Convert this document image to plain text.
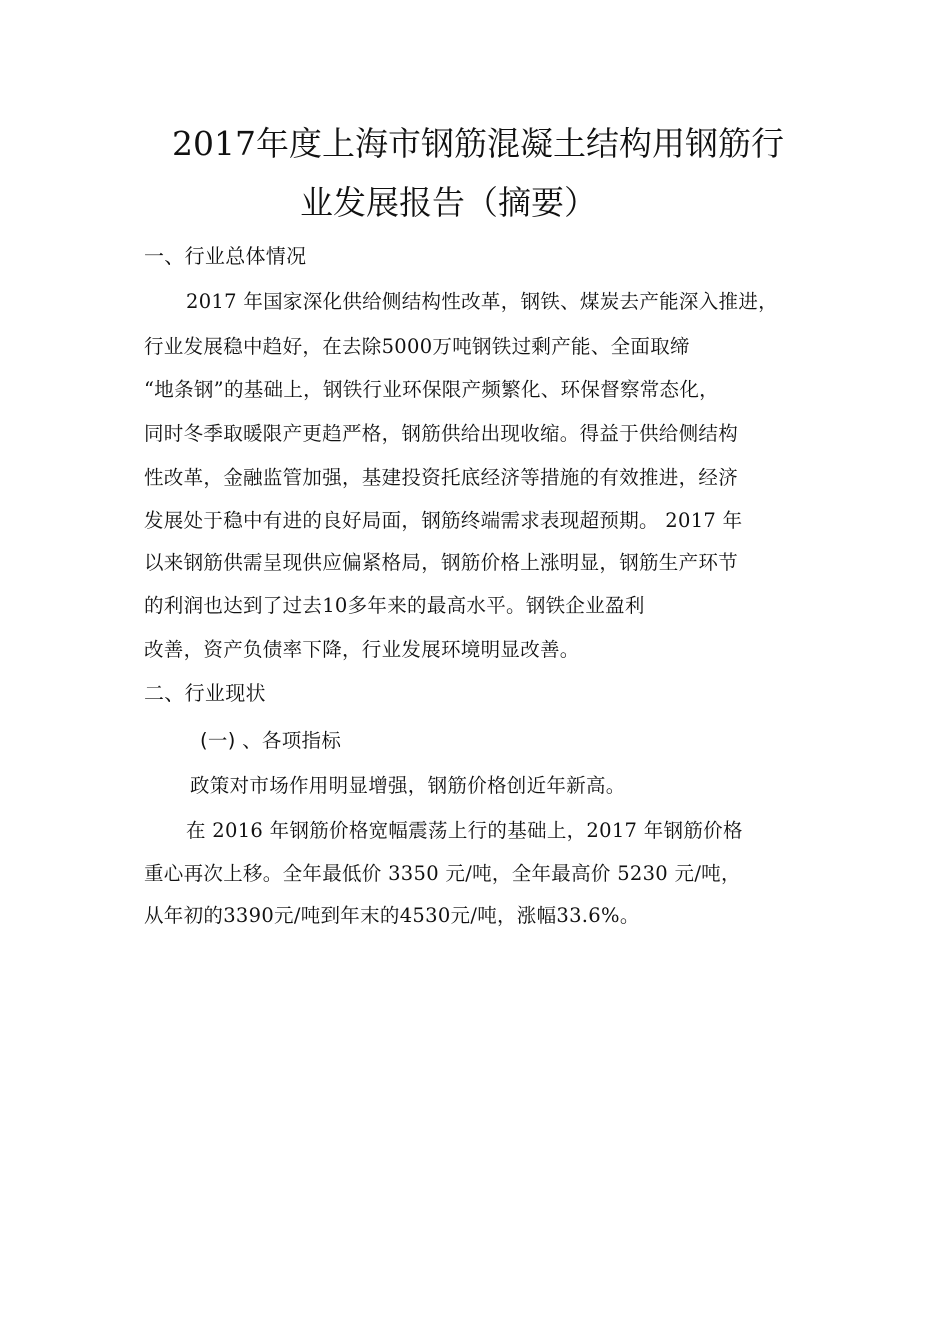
2017年度上海市钢筋混凝土结构用钢筋行
业发展报告（摘要）
一、行业总体情况
2017 年国家深化供给侧结构性改革，钢铁、煤炭去产能深入推进，
行业发展稳中趋好，在去除5000万吨钢铁过剩产能、全面取缔
“地条钢”的基础上，钢铁行业环保限产频繁化、环保督察常态化，
同时冬季取暖限产更趋严格，钢筋供给出现收缩。得益于供给侧结构
性改革，金融监管加强，基建投资托底经济等措施的有效推进，经济
发展处于稳中有进的良好局面，钢筋终端需求表现超预期。 2017 年
以来钢筋供需呈现供应偏紧格局，钢筋价格上涨明显，钢筋生产环节
的利润也达到了过去10多年来的最高水平。钢铁企业盈利
改善，资产负债率下降，行业发展环境明显改善。
二、行业现状
(一) 、各项指标
政策对市场作用明显增强，钢筋价格创近年新高。
在 2016 年钢筋价格宽幅震荡上行的基础上，2017 年钢筋价格
重心再次上移。全年最低价 3350 元/吨，全年最高价 5230 元/吨，
从年初的3390元/吨到年末的4530元/吨，涨幅33.6%。
